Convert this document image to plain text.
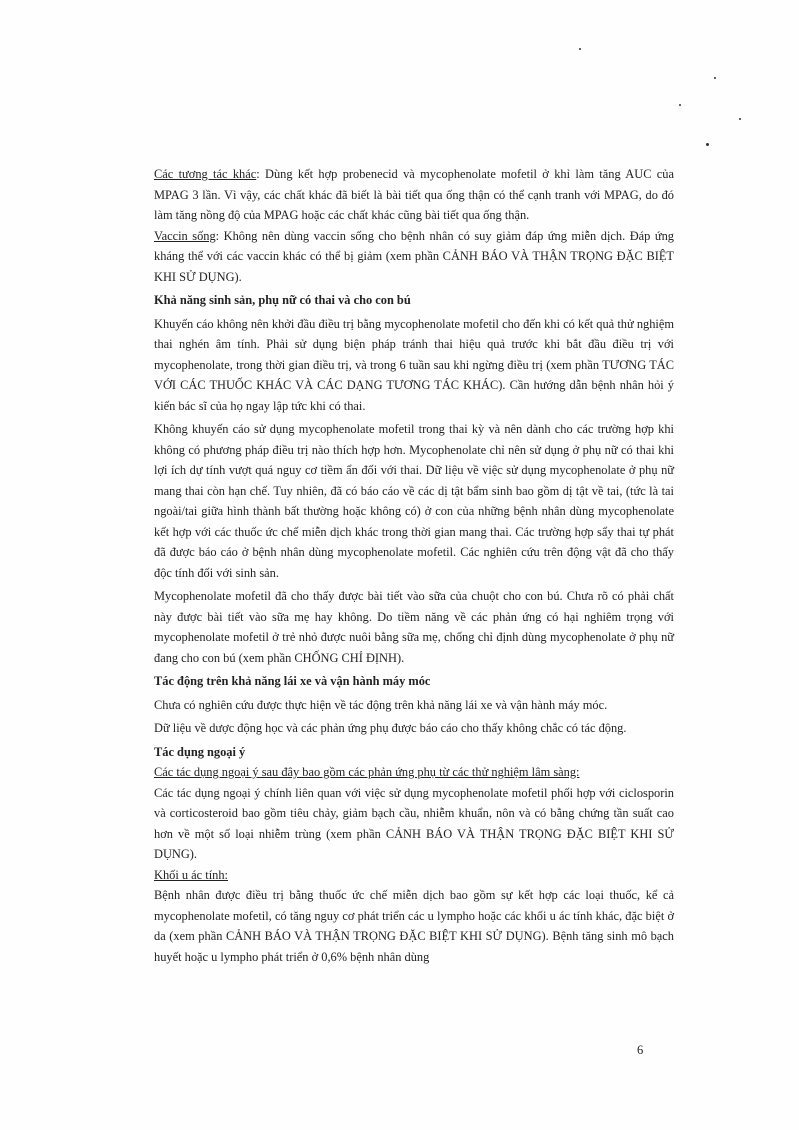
Các tương tác khác: Dùng kết hợp probenecid và mycophenolate mofetil ở khỉ làm tăng AUC của MPAG 3 lần. Vì vậy, các chất khác đã biết là bài tiết qua ống thận có thể cạnh tranh với MPAG, do đó làm tăng nồng độ của MPAG hoặc các chất khác cũng bài tiết qua ống thận.

Vaccin sống: Không nên dùng vaccin sống cho bệnh nhân có suy giảm đáp ứng miễn dịch. Đáp ứng kháng thể với các vaccin khác có thể bị giảm (xem phần CẢNH BÁO VÀ THẬN TRỌNG ĐẶC BIỆT KHI SỬ DỤNG).

Khả năng sinh sản, phụ nữ có thai và cho con bú

Khuyến cáo không nên khởi đầu điều trị bằng mycophenolate mofetil cho đến khi có kết quả thử nghiệm thai nghén âm tính. Phải sử dụng biện pháp tránh thai hiệu quả trước khi bắt đầu điều trị với mycophenolate, trong thời gian điều trị, và trong 6 tuần sau khi ngừng điều trị (xem phần TƯƠNG TÁC VỚI CÁC THUỐC KHÁC VÀ CÁC DẠNG TƯƠNG TÁC KHÁC). Cần hướng dẫn bệnh nhân hỏi ý kiến bác sĩ của họ ngay lập tức khi có thai.

Không khuyến cáo sử dụng mycophenolate mofetil trong thai kỳ và nên dành cho các trường hợp khi không có phương pháp điều trị nào thích hợp hơn. Mycophenolate chỉ nên sử dụng ở phụ nữ có thai khi lợi ích dự tính vượt quá nguy cơ tiềm ẩn đối với thai. Dữ liệu về việc sử dụng mycophenolate ở phụ nữ mang thai còn hạn chế. Tuy nhiên, đã có báo cáo về các dị tật bẩm sinh bao gồm dị tật về tai, (tức là tai ngoài/tai giữa hình thành bất thường hoặc không có) ở con của những bệnh nhân dùng mycophenolate kết hợp với các thuốc ức chế miễn dịch khác trong thời gian mang thai. Các trường hợp sẩy thai tự phát đã được báo cáo ở bệnh nhân dùng mycophenolate mofetil. Các nghiên cứu trên động vật đã cho thấy độc tính đối với sinh sản.

Mycophenolate mofetil đã cho thấy được bài tiết vào sữa của chuột cho con bú. Chưa rõ có phải chất này được bài tiết vào sữa mẹ hay không. Do tiềm năng về các phản ứng có hại nghiêm trọng với mycophenolate mofetil ở trẻ nhỏ được nuôi bằng sữa mẹ, chống chỉ định dùng mycophenolate ở phụ nữ đang cho con bú (xem phần CHỐNG CHỈ ĐỊNH).

Tác động trên khả năng lái xe và vận hành máy móc

Chưa có nghiên cứu được thực hiện về tác động trên khả năng lái xe và vận hành máy móc.

Dữ liệu về dược động học và các phản ứng phụ được báo cáo cho thấy không chắc có tác động.

Tác dụng ngoại ý

Các tác dụng ngoại ý sau đây bao gồm các phản ứng phụ từ các thử nghiệm lâm sàng:

Các tác dụng ngoại ý chính liên quan với việc sử dụng mycophenolate mofetil phối hợp với ciclosporin và corticosteroid bao gồm tiêu chảy, giảm bạch cầu, nhiễm khuẩn, nôn và có bằng chứng tần suất cao hơn về một số loại nhiễm trùng (xem phần CẢNH BÁO VÀ THẬN TRỌNG ĐẶC BIỆT KHI SỬ DỤNG).

Khối u ác tính:

Bệnh nhân được điều trị bằng thuốc ức chế miễn dịch bao gồm sự kết hợp các loại thuốc, kể cả mycophenolate mofetil, có tăng nguy cơ phát triển các u lympho hoặc các khối u ác tính khác, đặc biệt ở da (xem phần CẢNH BÁO VÀ THẬN TRỌNG ĐẶC BIỆT KHI SỬ DỤNG). Bệnh tăng sinh mô bạch huyết hoặc u lympho phát triển ở 0,6% bệnh nhân dùng

6
